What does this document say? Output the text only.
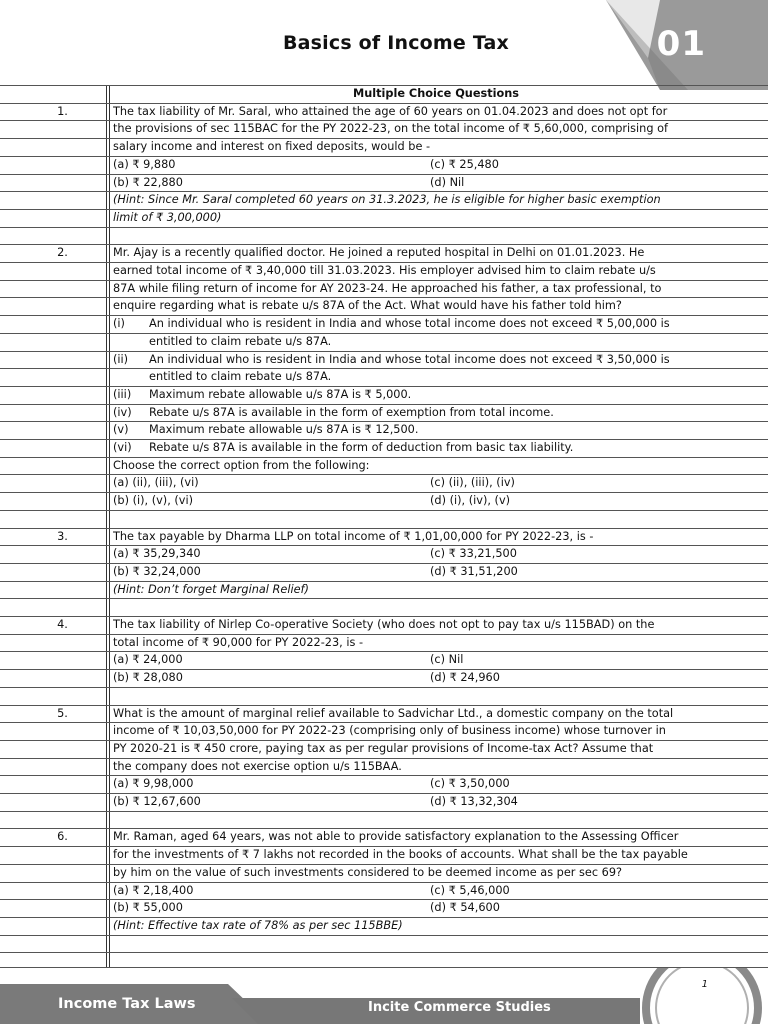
Basics of Income Tax	01
Multiple Choice Questions
1.	The tax liability of Mr. Saral, who attained the age of 60 years on 01.04.2023 and does not opt for
the provisions of sec 115BAC for the PY 2022-23, on the total income of ₹ 5,60,000, comprising of
salary income and interest on fixed deposits, would be -
(a) ₹ 9,880	(c) ₹ 25,480
(b) ₹ 22,880	(d) Nil
(Hint: Since Mr. Saral completed 60 years on 31.3.2023, he is eligible for higher basic exemption
limit of ₹ 3,00,000)
2.	Mr. Ajay is a recently qualified doctor. He joined a reputed hospital in Delhi on 01.01.2023. He
earned total income of ₹ 3,40,000 till 31.03.2023. His employer advised him to claim rebate u/s
87A while filing return of income for AY 2023-24. He approached his father, a tax professional, to
enquire regarding what is rebate u/s 87A of the Act. What would have his father told him?
(i) An individual who is resident in India and whose total income does not exceed ₹ 5,00,000 is
entitled to claim rebate u/s 87A.
(ii) An individual who is resident in India and whose total income does not exceed ₹ 3,50,000 is
entitled to claim rebate u/s 87A.
(iii) Maximum rebate allowable u/s 87A is ₹ 5,000.
(iv) Rebate u/s 87A is available in the form of exemption from total income.
(v) Maximum rebate allowable u/s 87A is ₹ 12,500.
(vi) Rebate u/s 87A is available in the form of deduction from basic tax liability.
Choose the correct option from the following:
(a) (ii), (iii), (vi)	(c) (ii), (iii), (iv)
(b) (i), (v), (vi)	(d) (i), (iv), (v)
3.	The tax payable by Dharma LLP on total income of ₹ 1,01,00,000 for PY 2022-23, is -
(a) ₹ 35,29,340	(c) ₹ 33,21,500
(b) ₹ 32,24,000	(d) ₹ 31,51,200
(Hint: Don’t forget Marginal Relief)
4.	The tax liability of Nirlep Co-operative Society (who does not opt to pay tax u/s 115BAD) on the
total income of ₹ 90,000 for PY 2022-23, is -
(a) ₹ 24,000	(c) Nil
(b) ₹ 28,080	(d) ₹ 24,960
5.	What is the amount of marginal relief available to Sadvichar Ltd., a domestic company on the total
income of ₹ 10,03,50,000 for PY 2022-23 (comprising only of business income) whose turnover in
PY 2020-21 is ₹ 450 crore, paying tax as per regular provisions of Income-tax Act? Assume that
the company does not exercise option u/s 115BAA.
(a) ₹ 9,98,000	(c) ₹ 3,50,000
(b) ₹ 12,67,600	(d) ₹ 13,32,304
6.	Mr. Raman, aged 64 years, was not able to provide satisfactory explanation to the Assessing Officer
for the investments of ₹ 7 lakhs not recorded in the books of accounts. What shall be the tax payable
by him on the value of such investments considered to be deemed income as per sec 69?
(a) ₹ 2,18,400	(c) ₹ 5,46,000
(b) ₹ 55,000	(d) ₹ 54,600
(Hint: Effective tax rate of 78% as per sec 115BBE)
Income Tax Laws	Incite Commerce Studies
1
